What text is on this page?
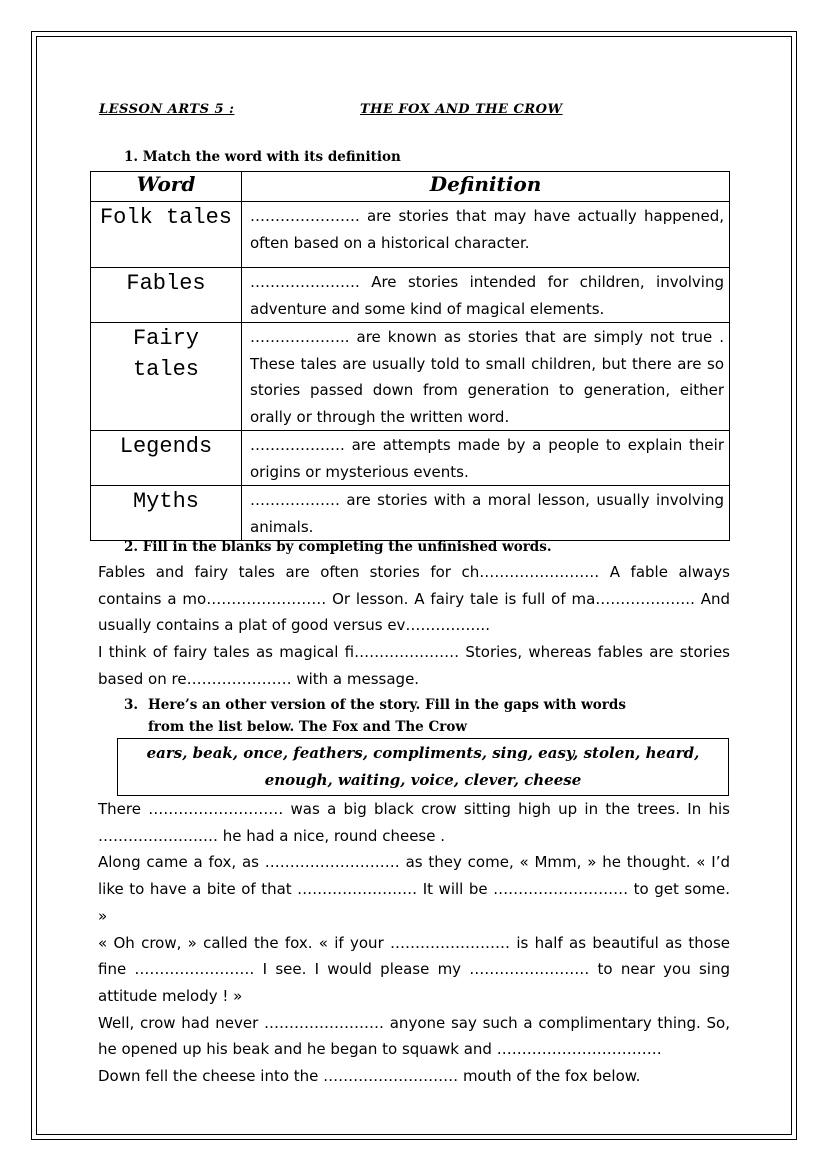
LESSON ARTS 5 :	THE FOX AND THE CROW
1. Match the word with its definition
Word	Definition
Folk tales	…………………. are stories that may have actually happened, often based on a historical character.
Fables	…………………. Are stories intended for children, involving adventure and some kind of magical elements.
Fairy tales	……………….. are known as stories that are simply not true . These tales are usually told to small children, but there are so stories passed down from generation to generation, either orally or through the written word.
Legends	………………. are attempts made by a people to explain their origins or mysterious events.
Myths	……………… are stories with a moral lesson, usually involving animals.
2. Fill in the blanks by completing the unfinished words.
Fables and fairy tales are often stories for ch…………………… A fable always contains a mo…………………… Or lesson. A fairy tale is full of ma……………….. And usually contains a plat of good versus ev……………..
I think of fairy tales as magical fi………………… Stories, whereas fables are stories based on re………………… with a message.
3. Here’s an other version of the story. Fill in the gaps with words
from the list below. The Fox and The Crow
ears, beak, once, feathers, compliments, sing, easy, stolen, heard, enough, waiting, voice, clever, cheese
There ……………………… was a big black crow sitting high up in the trees. In his …………………… he had a nice, round cheese .
Along came a fox, as ……………………… as they come, « Mmm, » he thought. « I’d like to have a bite of that …………………… It will be ……………………… to get some. »
« Oh crow, » called the fox. « if your …………………… is half as beautiful as those fine …………………… I see. I would please my …………………… to near you sing attitude melody ! »
Well, crow had never …………………… anyone say such a complimentary thing. So, he opened up his beak and he began to squawk and ……………………………
Down fell the cheese into the ……………………… mouth of the fox below.
